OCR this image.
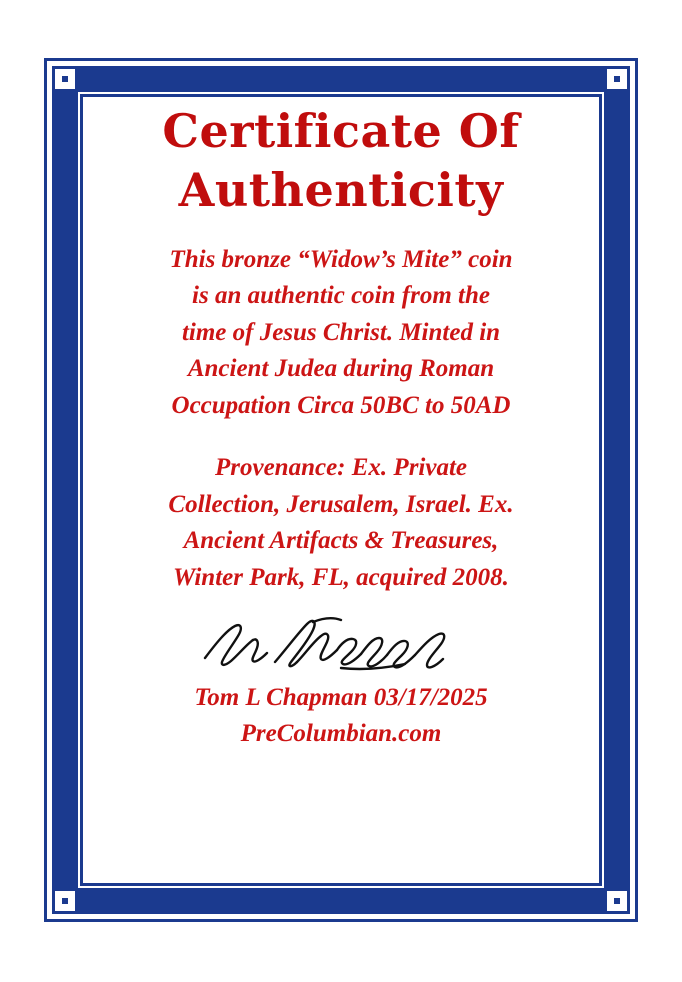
Certificate Of
Authenticity
This bronze “Widow’s Mite” coin
is an authentic coin from the
time of Jesus Christ. Minted in
Ancient Judea during Roman
Occupation Circa 50BC to 50AD
Provenance: Ex. Private
Collection, Jerusalem, Israel. Ex.
Ancient Artifacts & Treasures,
Winter Park, FL, acquired 2008.
Tom L Chapman 03/17/2025
PreColumbian.com
